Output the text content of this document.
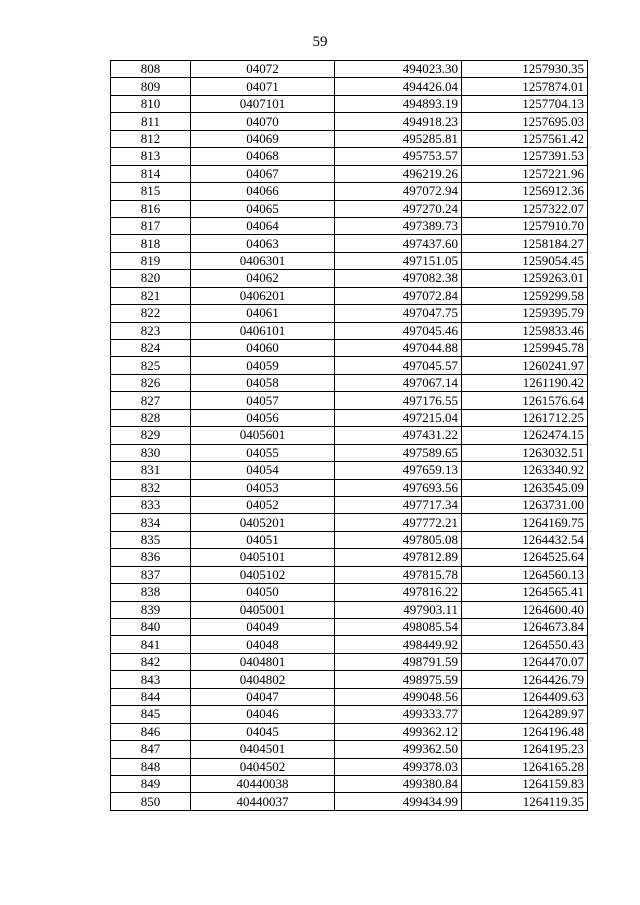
59
808	04072	494023.30	1257930.35
809	04071	494426.04	1257874.01
810	0407101	494893.19	1257704.13
811	04070	494918.23	1257695.03
812	04069	495285.81	1257561.42
813	04068	495753.57	1257391.53
814	04067	496219.26	1257221.96
815	04066	497072.94	1256912.36
816	04065	497270.24	1257322.07
817	04064	497389.73	1257910.70
818	04063	497437.60	1258184.27
819	0406301	497151.05	1259054.45
820	04062	497082.38	1259263.01
821	0406201	497072.84	1259299.58
822	04061	497047.75	1259395.79
823	0406101	497045.46	1259833.46
824	04060	497044.88	1259945.78
825	04059	497045.57	1260241.97
826	04058	497067.14	1261190.42
827	04057	497176.55	1261576.64
828	04056	497215.04	1261712.25
829	0405601	497431.22	1262474.15
830	04055	497589.65	1263032.51
831	04054	497659.13	1263340.92
832	04053	497693.56	1263545.09
833	04052	497717.34	1263731.00
834	0405201	497772.21	1264169.75
835	04051	497805.08	1264432.54
836	0405101	497812.89	1264525.64
837	0405102	497815.78	1264560.13
838	04050	497816.22	1264565.41
839	0405001	497903.11	1264600.40
840	04049	498085.54	1264673.84
841	04048	498449.92	1264550.43
842	0404801	498791.59	1264470.07
843	0404802	498975.59	1264426.79
844	04047	499048.56	1264409.63
845	04046	499333.77	1264289.97
846	04045	499362.12	1264196.48
847	0404501	499362.50	1264195.23
848	0404502	499378.03	1264165.28
849	40440038	499380.84	1264159.83
850	40440037	499434.99	1264119.35
